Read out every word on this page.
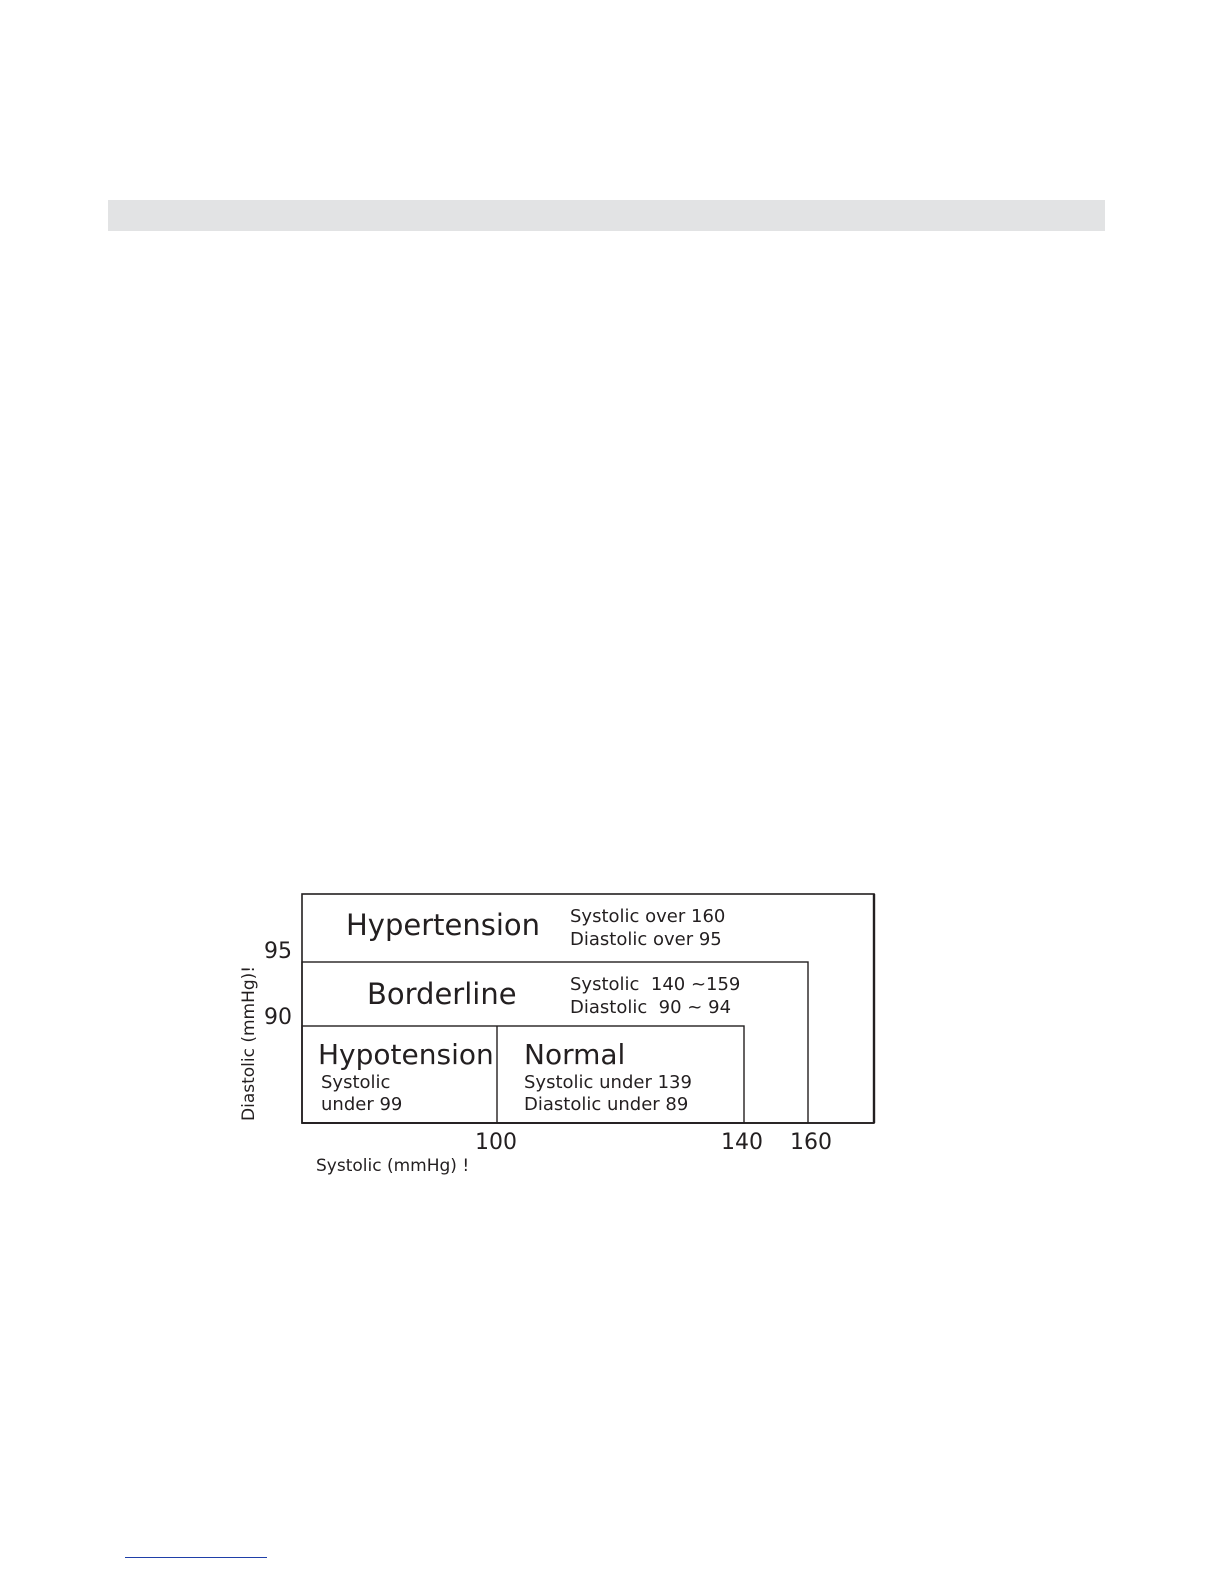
Hypertension Systolic over 160
Diastolic over 95
Borderline	Systolic  140 ~159
Diastolic  90 ~ 94
Hypotension
Systolic
under 99
Normal
Systolic under 139
Diastolic under 89
95
90
Diastolic (mmHg)!
100	140 160
Systolic (mmHg) !
